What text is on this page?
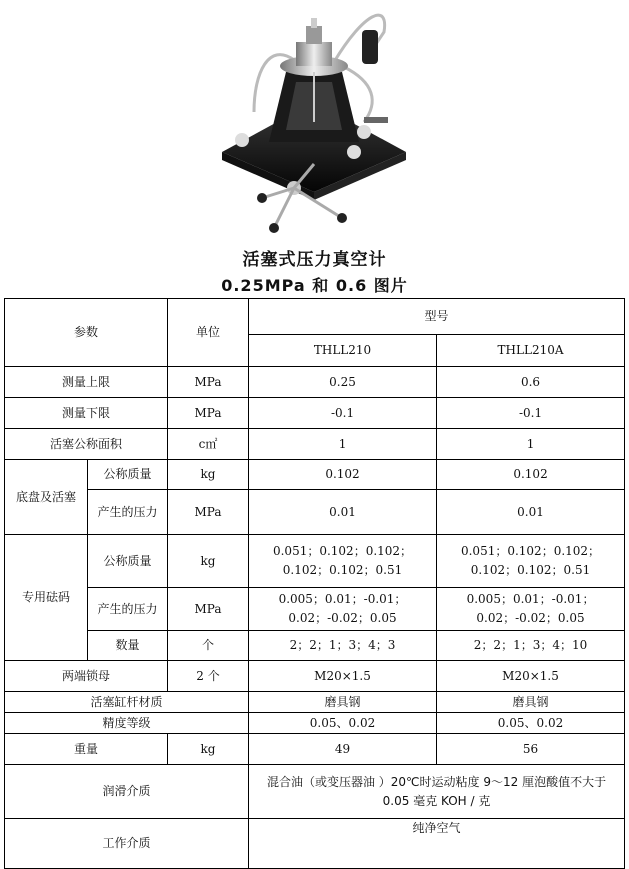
活塞式压力真空计
0.25MPa 和 0.6 图片
参数		单位	型号	
			THLL210	THLL210A
测量上限		MPa	0.25	0.6
测量下限		MPa	-0.1	-0.1
活塞公称面积		c㎡	1	1
底盘及活塞	公称质量	kg	0.102	0.102
	产生的压力	MPa	0.01	0.01
专用砝码	公称质量	kg	0.051；0.102；0.102；0.102；0.102；0.51	0.051；0.102；0.102；0.102；0.102；0.51
	产生的压力	MPa	0.005；0.01；-0.01；0.02；-0.02；0.05	0.005；0.01；-0.01；0.02；-0.02；0.05
	数量	个	2；2；1；3；4；3	2；2；1；3；4；10
两端锁母		2 个	M20×1.5	M20×1.5
活塞缸杆材质			磨具钢	磨具钢
精度等级			0.05、0.02	0.05、0.02
重量		kg	49	56
润滑介质			混合油（或变压器油 ）20℃时运动粘度 9～12 厘泡酸值不大于 0.05 毫克 KOH / 克	
工作介质			纯净空气	
